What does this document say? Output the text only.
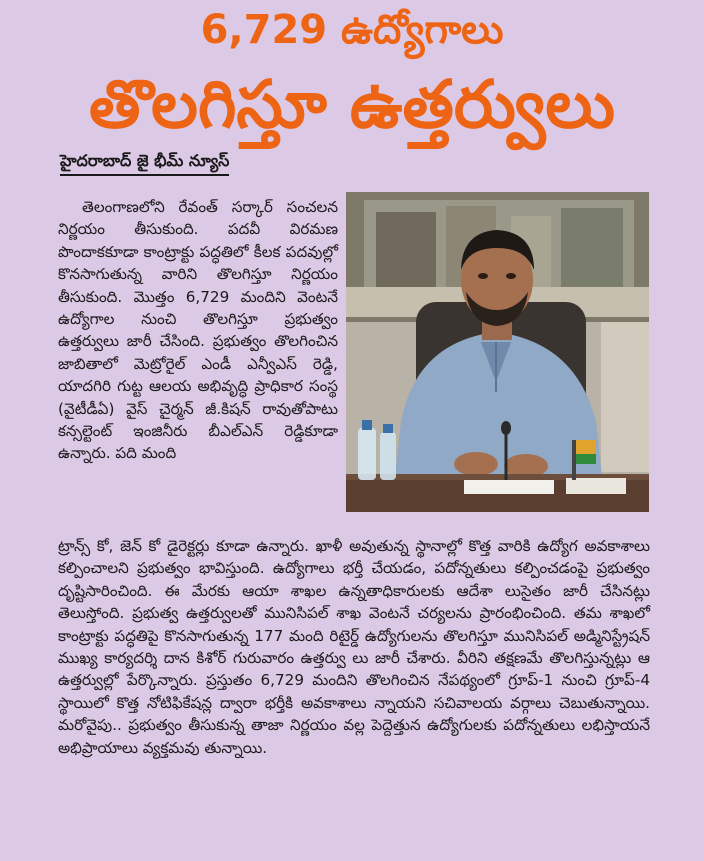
6,729 ఉద్యోగాలు
తొలగిస్తూ ఉత్తర్వులు
హైదరాబాద్ జై భీమ్ న్యూస్

తెలంగాణలోని రేవంత్ సర్కార్ సంచలన నిర్ణయం తీసుకుంది. పదవీ విరమణ పొందాకకూడా కాంట్రాక్టు పద్ధతిలో కీలక పదవుల్లో కొనసాగుతున్న వారిని తొలగిస్తూ నిర్ణయం తీసుకుంది. మొత్తం 6,729 మందిని వెంటనే ఉద్యోగాల నుంచి తొలగిస్తూ ప్రభుత్వం ఉత్తర్వులు జారీ చేసింది. ప్రభుత్వం తొలగించిన జాబితాలో మెట్రోరైల్ ఎండీ ఎన్వీఎస్ రెడ్డి, యాదగిరి గుట్ట ఆలయ అభివృద్ధి ప్రాధికార సంస్థ (వైటీడీఏ) వైస్ చైర్మన్ జీ.కిషన్ రావుతోపాటు కన్సల్టెంట్ ఇంజినీరు బీఎల్ఎన్ రెడ్డికూడా ఉన్నారు. పది మంది

ట్రాన్స్ కో, జెన్ కో డైరెక్టర్లు కూడా ఉన్నారు. ఖాళీ అవుతున్న స్థానాల్లో కొత్త వారికి ఉద్యోగ అవకాశాలు కల్పించాలని ప్రభుత్వం భావిస్తుంది. ఉద్యోగాలు భర్తీ చేయడం, పదోన్నతులు కల్పించడంపై ప్రభుత్వం దృష్టిసారించింది. ఈ మేరకు ఆయా శాఖల ఉన్నతాధికారులకు ఆదేశా లుసైతం జారీ చేసినట్లు తెలుస్తోంది. ప్రభుత్వ ఉత్తర్వులతో మునిసిపల్ శాఖ వెంటనే చర్యలను ప్రారంభించింది. తమ శాఖలో కాంట్రాక్టు పద్ధతిపై కొనసాగుతున్న 177 మంది రిటైర్డ్ ఉద్యోగులను తొలగిస్తూ మునిసిపల్ అడ్మినిస్ట్రేషన్ ముఖ్య కార్యదర్శి దాన కిశోర్ గురువారం ఉత్తర్వు లు జారీ చేశారు. వీరిని తక్షణమే తొలగిస్తున్నట్లు ఆ ఉత్తర్వుల్లో పేర్కొన్నారు. ప్రస్తుతం 6,729 మందిని తొలగించిన నేపథ్యంలో గ్రూప్-1 నుంచి గ్రూప్-4 స్థాయిలో కొత్త నోటిఫికేషన్ల ద్వారా భర్తీకి అవకాశాలు న్నాయని సచివాలయ వర్గాలు చెబుతున్నాయి. మరోవైపు.. ప్రభుత్వం తీసుకున్న తాజా నిర్ణయం వల్ల పెద్దెత్తున ఉద్యోగులకు పదోన్నతులు లభిస్తాయనే అభిప్రాయాలు వ్యక్తమవు తున్నాయి.
